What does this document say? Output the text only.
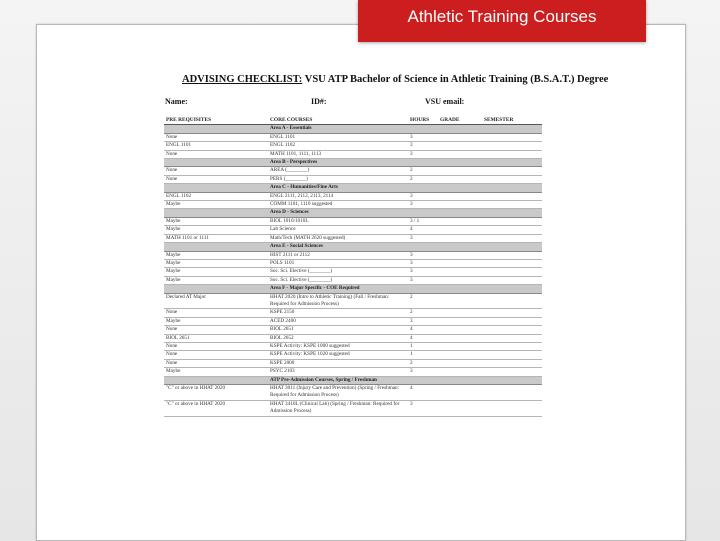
Athletic Training Courses
ADVISING CHECKLIST: VSU ATP Bachelor of Science in Athletic Training (B.S.A.T.) Degree
Name:	ID#:	VSU email:
PRE REQUISITES	CORE COURSES	HOURS	GRADE	SEMESTER
	Area A - Essentials			
None	ENGL 1101	3		
ENGL 1101	ENGL 1102	3		
None	MATH 1101, 1111, 1113	3		
	Area B - Perspectives			
None	AREA (________)	2		
None	PERS (________)	2		
	Area C - Humanities/Fine Arts			
ENGL 1102	ENGL 2111, 2112, 2113, 2114	3		
Maybe	COMM 1101, 1110 suggested	3		
	Area D - Sciences			
Maybe	BIOL 1010/1010L	3 / 1		
Maybe	Lab Science	4		
MATH 1101 or 1111	Math/Tech (MATH 2620 suggested)	3		
	Area E - Social Sciences			
Maybe	HIST 2111 or 2112	3		
Maybe	POLS 1101	3		
Maybe	Soc. Sci. Elective (________)	3		
Maybe	Soc. Sci. Elective (________)	3		
	Area F - Major Specific - COE Required			
Declared AT Major	HHAT 2020 (Intro to Athletic Training) (Fall / Freshman: Required for Admission Process)	2		
None	KSPE 2150	2		
Maybe	ACED 2400	3		
None	BIOL 2651	4		
BIOL 2651	BIOL 2652	4		
None	KSPE Activity: KSPE 1000 suggested	1		
None	KSPE Activity: KSPE 1020 suggested	1		
None	KSPE 2000	2		
Maybe	PSYC 2103	3		
	ATP Pre-Admission Courses, Spring / Freshman			
"C" or above in HHAT 2020	HHAT 3011 (Injury Care and Prevention) (Spring / Freshman: Required for Admission Process)	4		
"C" or above in HHAT 2020	HHAT 3410L (Clinical Lab) (Spring / Freshman: Required for Admission Process)	3		
